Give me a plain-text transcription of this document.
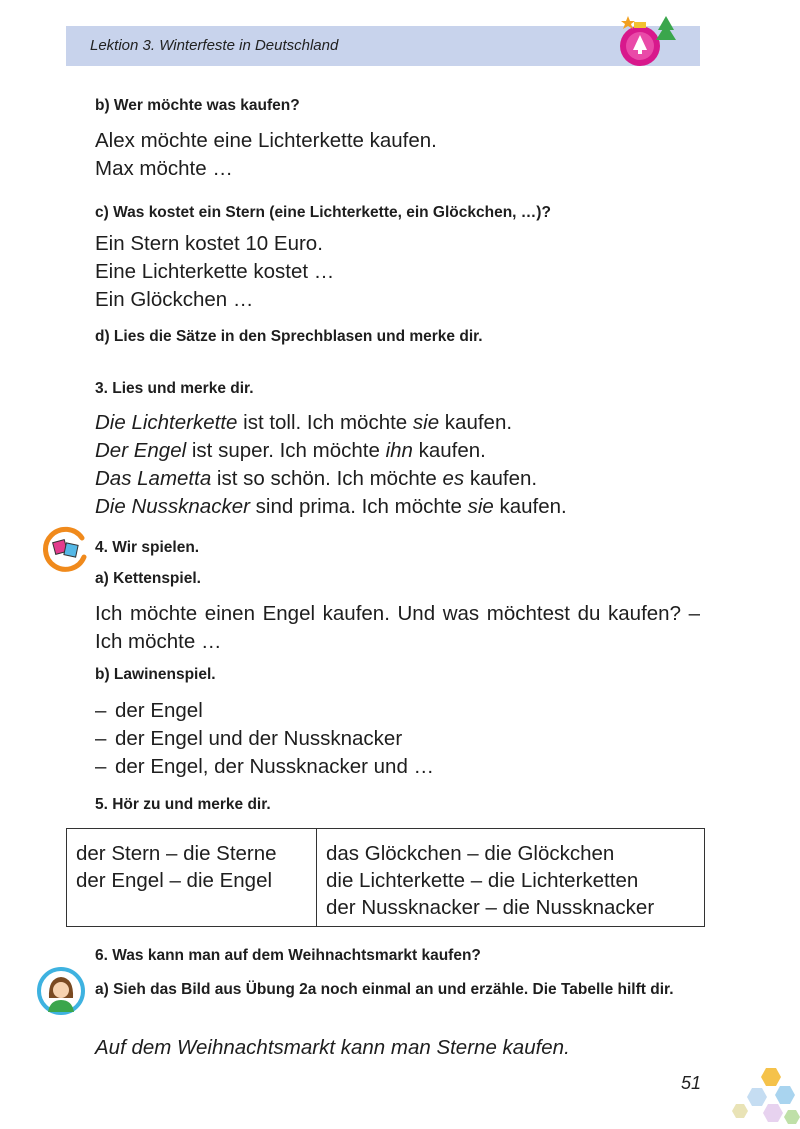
Lektion 3. Winterfeste in Deutschland

b) Wer möchte was kaufen?

Alex möchte eine Lichterkette kaufen.

Max möchte …

c) Was kostet ein Stern (eine Lichterkette, ein Glöckchen, …)?

Ein Stern kostet 10 Euro.

Eine Lichterkette kostet …

Ein Glöckchen …

d) Lies die Sätze in den Sprechblasen und merke dir.

3. Lies und merke dir.

Die Lichterkette ist toll. Ich möchte sie kaufen.

Der Engel ist super. Ich möchte ihn kaufen.

Das Lametta ist so schön. Ich möchte es kaufen.

Die Nussknacker sind prima. Ich möchte sie kaufen.

4. Wir spielen.

a) Kettenspiel.

Ich möchte einen Engel kaufen. Und was möchtest du kaufen? – Ich möchte …

b) Lawinenspiel.

– der Engel

– der Engel und der Nussknacker

– der Engel, der Nussknacker und …

5. Hör zu und merke dir.

der Stern – die Sterne
der Engel – die Engel

das Glöckchen – die Glöckchen
die Lichterkette – die Lichterketten
der Nussknacker – die Nussknacker

6. Was kann man auf dem Weihnachtsmarkt kaufen?

a) Sieh das Bild aus Übung 2a noch einmal an und erzähle. Die Tabelle hilft dir.
Auf dem Weihnachtsmarkt kann man Sterne kaufen.
51
